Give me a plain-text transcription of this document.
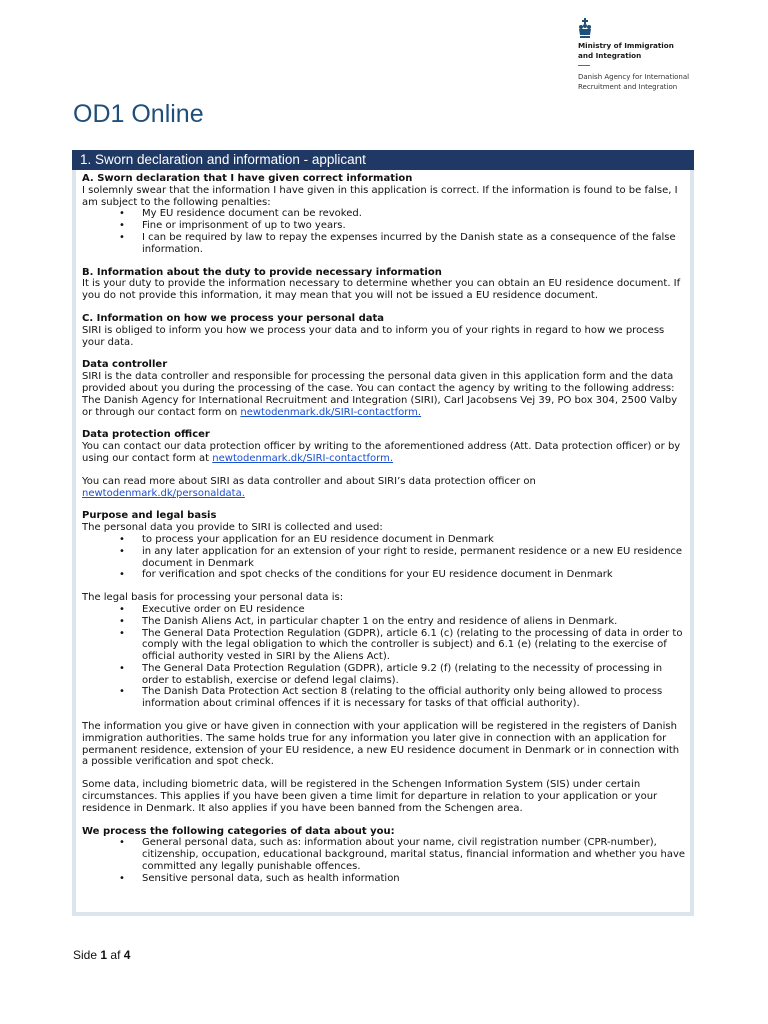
Ministry of Immigration
and Integration
Danish Agency for International
Recruitment and Integration
OD1 Online
1. Sworn declaration and information - applicant

A. Sworn declaration that I have given correct information

I solemnly swear that the information I have given in this application is correct. If the information is found to be false, I am subject to the following penalties:

• My EU residence document can be revoked.
• Fine or imprisonment of up to two years.
• I can be required by law to repay the expenses incurred by the Danish state as a consequence of the false information.

B. Information about the duty to provide necessary information

It is your duty to provide the information necessary to determine whether you can obtain an EU residence document. If you do not provide this information, it may mean that you will not be issued a EU residence document.

C. Information on how we process your personal data

SIRI is obliged to inform you how we process your data and to inform you of your rights in regard to how we process your data.

Data controller

SIRI is the data controller and responsible for processing the personal data given in this application form and the data provided about you during the processing of the case. You can contact the agency by writing to the following address: The Danish Agency for International Recruitment and Integration (SIRI), Carl Jacobsens Vej 39, PO box 304, 2500 Valby or through our contact form on newtodenmark.dk/SIRI-contactform.

Data protection officer

You can contact our data protection officer by writing to the aforementioned address (Att. Data protection officer) or by using our contact form at newtodenmark.dk/SIRI-contactform.

You can read more about SIRI as data controller and about SIRI’s data protection officer on newtodenmark.dk/personaldata.

Purpose and legal basis

The personal data you provide to SIRI is collected and used:

• to process your application for an EU residence document in Denmark
• in any later application for an extension of your right to reside, permanent residence or a new EU residence document in Denmark
• for verification and spot checks of the conditions for your EU residence document in Denmark

The legal basis for processing your personal data is:

• Executive order on EU residence
• The Danish Aliens Act, in particular chapter 1 on the entry and residence of aliens in Denmark.
• The General Data Protection Regulation (GDPR), article 6.1 (c) (relating to the processing of data in order to comply with the legal obligation to which the controller is subject) and 6.1 (e) (relating to the exercise of official authority vested in SIRI by the Aliens Act).
• The General Data Protection Regulation (GDPR), article 9.2 (f) (relating to the necessity of processing in order to establish, exercise or defend legal claims).
• The Danish Data Protection Act section 8 (relating to the official authority only being allowed to process information about criminal offences if it is necessary for tasks of that official authority).

The information you give or have given in connection with your application will be registered in the registers of Danish immigration authorities. The same holds true for any information you later give in connection with an application for permanent residence, extension of your EU residence, a new EU residence document in Denmark or in connection with a possible verification and spot check.

Some data, including biometric data, will be registered in the Schengen Information System (SIS) under certain circumstances. This applies if you have been given a time limit for departure in relation to your application or your residence in Denmark. It also applies if you have been banned from the Schengen area.

We process the following categories of data about you:

• General personal data, such as: information about your name, civil registration number (CPR-number), citizenship, occupation, educational background, marital status, financial information and whether you have committed any legally punishable offences.
• Sensitive personal data, such as health information
Side 1 af 4
